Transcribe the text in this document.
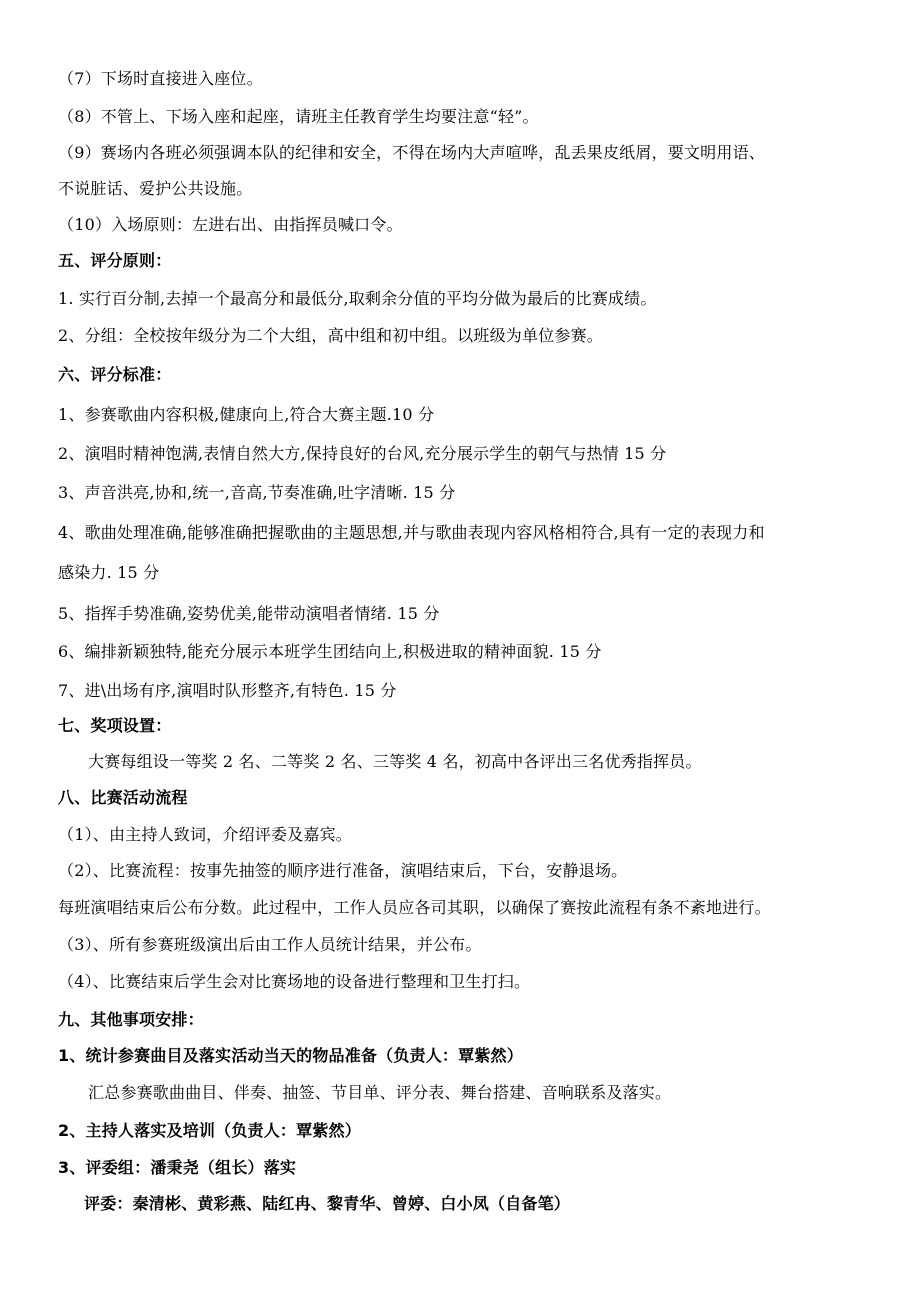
（7）下场时直接进入座位。
（8）不管上、下场入座和起座，请班主任教育学生均要注意“轻”。
（9）赛场内各班必须强调本队的纪律和安全，不得在场内大声喧哗，乱丢果皮纸屑，要文明用语、
不说脏话、爱护公共设施。
（10）入场原则：左进右出、由指挥员喊口令。
五、评分原则：
1. 实行百分制,去掉一个最高分和最低分,取剩余分值的平均分做为最后的比赛成绩。
2、分组：全校按年级分为二个大组，高中组和初中组。以班级为单位参赛。
六、评分标准：
1、参赛歌曲内容积极,健康向上,符合大赛主题.10 分
2、演唱时精神饱满,表情自然大方,保持良好的台风,充分展示学生的朝气与热情 15 分
3、声音洪亮,协和,统一,音高,节奏准确,吐字清晰. 15 分
4、歌曲处理准确,能够准确把握歌曲的主题思想,并与歌曲表现内容风格相符合,具有一定的表现力和
感染力. 15 分
5、指挥手势准确,姿势优美,能带动演唱者情绪. 15 分
6、编排新颖独特,能充分展示本班学生团结向上,积极进取的精神面貌. 15 分
7、进\出场有序,演唱时队形整齐,有特色. 15 分
七、奖项设置：
大赛每组设一等奖 2 名、二等奖 2 名、三等奖 4 名，初高中各评出三名优秀指挥员。
八、比赛活动流程
（1）、由主持人致词，介绍评委及嘉宾。
（2）、比赛流程：按事先抽签的顺序进行准备，演唱结束后，下台，安静退场。
每班演唱结束后公布分数。此过程中，工作人员应各司其职，以确保了赛按此流程有条不紊地进行。
（3）、所有参赛班级演出后由工作人员统计结果，并公布。
（4）、比赛结束后学生会对比赛场地的设备进行整理和卫生打扫。
九、其他事项安排：
1、统计参赛曲目及落实活动当天的物品准备（负责人：覃紫然）
汇总参赛歌曲曲目、伴奏、抽签、节目单、评分表、舞台搭建、音响联系及落实。
2、主持人落实及培训（负责人：覃紫然）
3、评委组：潘秉尧（组长）落实
评委：秦清彬、黄彩燕、陆红冉、黎青华、曾婷、白小凤（自备笔）
